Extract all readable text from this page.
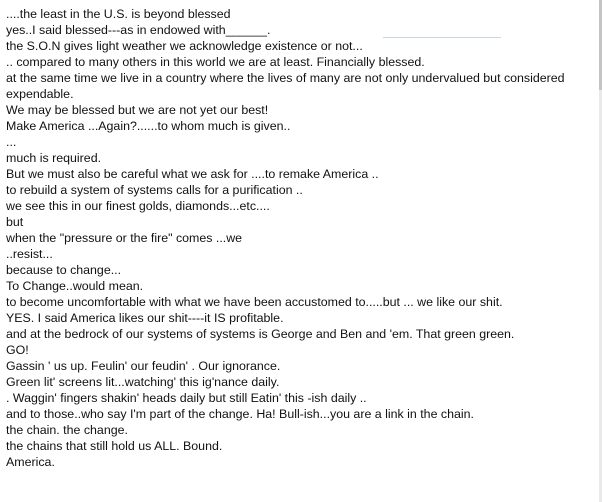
....the least in the U.S. is beyond blessed
yes..I said blessed---as in endowed with______.
the S.O.N gives light weather we acknowledge existence or not...
.. compared to many others in this world we are at least. Financially blessed.
at the same time we live in a country where the lives of many are not only undervalued but considered expendable.
We may be blessed but we are not yet our best!
Make America ...Again?......to whom much is given..
...
much is required.
But we must also be careful what we ask for ....to remake America ..
to rebuild a system of systems calls for a purification ..
we see this in our finest golds, diamonds...etc....
but
when the "pressure or the fire" comes ...we
..resist...
because to change...
To Change..would mean.
to become uncomfortable with what we have been accustomed to.....but ... we like our shit.
YES. I said America likes our shit----it IS profitable.
and at the bedrock of our systems of systems is George and Ben and 'em. That green green.
GO!
Gassin ' us up. Feulin' our feudin' . Our ignorance.
Green lit' screens lit...watching' this ig'nance daily.
. Waggin' fingers shakin' heads daily but still Eatin' this -ish daily ..
and to those..who say I'm part of the change. Ha! Bull-ish...you are a link in the chain.
the chain. the change.
the chains that still hold us ALL. Bound.
America.
